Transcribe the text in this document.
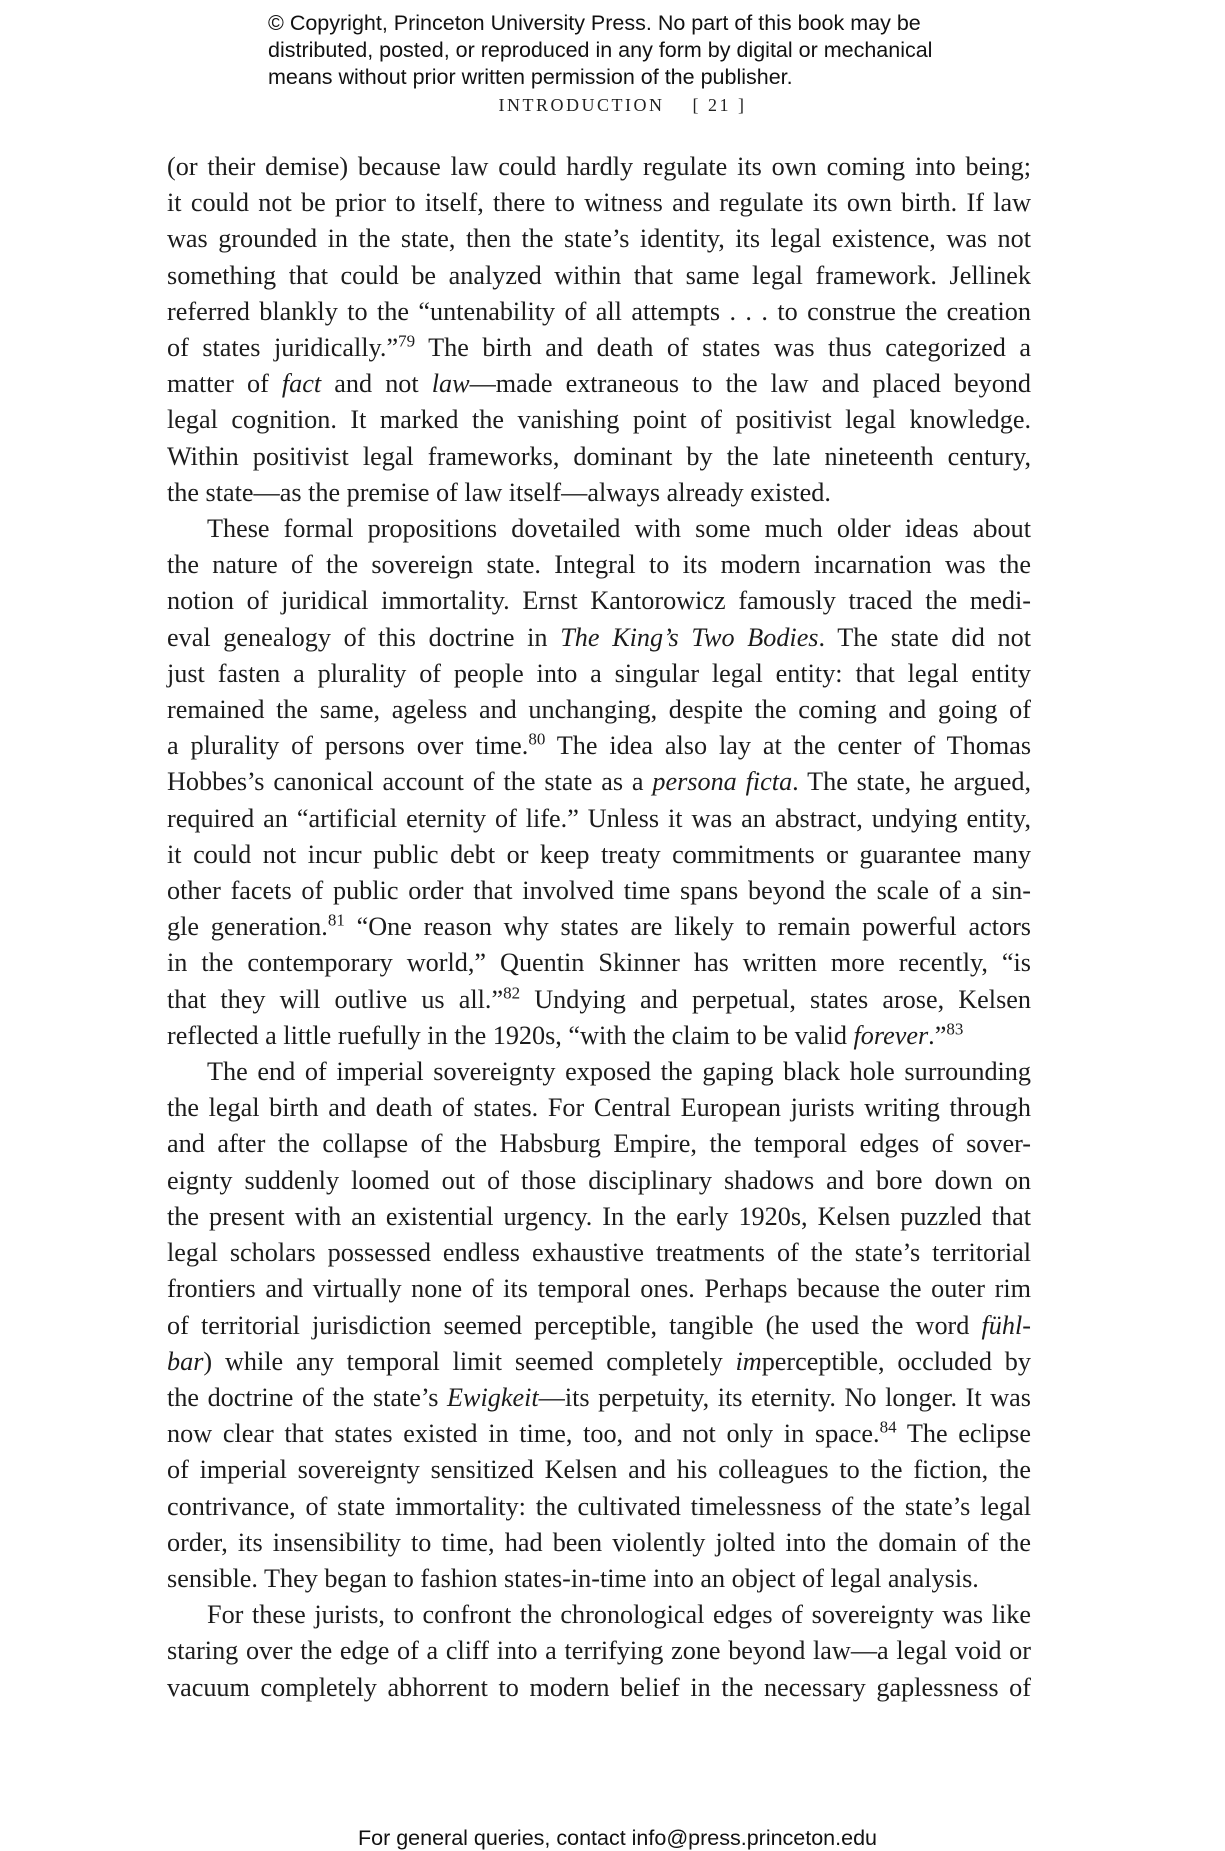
© Copyright, Princeton University Press. No part of this book may be
distributed, posted, or reproduced in any form by digital or mechanical
means without prior written permission of the publisher.
INTRODUCTION [ 21 ]
(or their demise) because law could hardly regulate its own coming into being;
it could not be prior to itself, there to witness and regulate its own birth. If law
was grounded in the state, then the state’s identity, its legal existence, was not
something that could be analyzed within that same legal framework. Jellinek
referred blankly to the “untenability of all attempts . . . to construe the creation
of states juridically.”$^{79}$ The birth and death of states was thus categorized a
matter of fact and not law—made extraneous to the law and placed beyond
legal cognition. It marked the vanishing point of positivist legal knowledge.
Within positivist legal frameworks, dominant by the late nineteenth century,
the state—as the premise of law itself—always already existed.
These formal propositions dovetailed with some much older ideas about
the nature of the sovereign state. Integral to its modern incarnation was the
notion of juridical immortality. Ernst Kantorowicz famously traced the medi-
eval genealogy of this doctrine in The King’s Two Bodies. The state did not
just fasten a plurality of people into a singular legal entity: that legal entity
remained the same, ageless and unchanging, despite the coming and going of
a plurality of persons over time.$^{80}$ The idea also lay at the center of Thomas
Hobbes’s canonical account of the state as a persona ficta. The state, he argued,
required an “artificial eternity of life.” Unless it was an abstract, undying entity,
it could not incur public debt or keep treaty commitments or guarantee many
other facets of public order that involved time spans beyond the scale of a sin-
gle generation.$^{81}$ “One reason why states are likely to remain powerful actors
in the contemporary world,” Quentin Skinner has written more recently, “is
that they will outlive us all.”$^{82}$ Undying and perpetual, states arose, Kelsen
reflected a little ruefully in the 1920s, “with the claim to be valid forever.”$^{83}$
The end of imperial sovereignty exposed the gaping black hole surrounding
the legal birth and death of states. For Central European jurists writing through
and after the collapse of the Habsburg Empire, the temporal edges of sover-
eignty suddenly loomed out of those disciplinary shadows and bore down on
the present with an existential urgency. In the early 1920s, Kelsen puzzled that
legal scholars possessed endless exhaustive treatments of the state’s territorial
frontiers and virtually none of its temporal ones. Perhaps because the outer rim
of territorial jurisdiction seemed perceptible, tangible (he used the word fühl-
bar) while any temporal limit seemed completely imperceptible, occluded by
the doctrine of the state’s Ewigkeit—its perpetuity, its eternity. No longer. It was
now clear that states existed in time, too, and not only in space.$^{84}$ The eclipse
of imperial sovereignty sensitized Kelsen and his colleagues to the fiction, the
contrivance, of state immortality: the cultivated timelessness of the state’s legal
order, its insensibility to time, had been violently jolted into the domain of the
sensible. They began to fashion states-in-time into an object of legal analysis.
For these jurists, to confront the chronological edges of sovereignty was like
staring over the edge of a cliff into a terrifying zone beyond law—a legal void or
vacuum completely abhorrent to modern belief in the necessary gaplessness of
For general queries, contact info@press.princeton.edu
